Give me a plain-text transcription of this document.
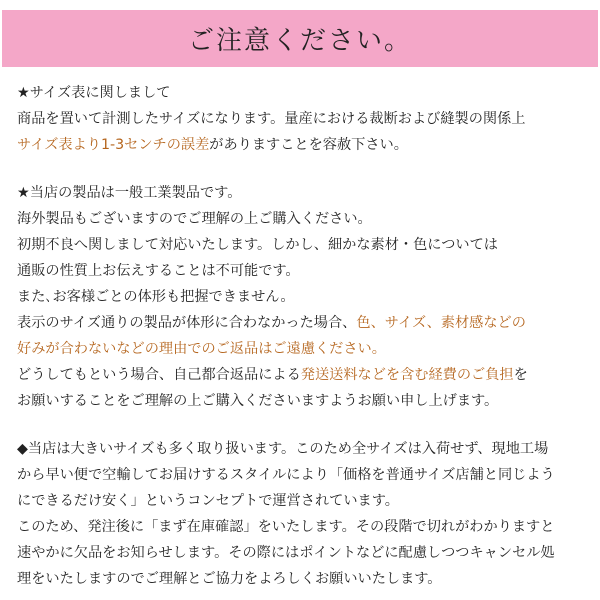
ご注意ください。
★サイズ表に関しまして
商品を置いて計測したサイズになります。量産における裁断および縫製の関係上
サイズ表より1-3センチの誤差がありますことを容赦下さい。
★当店の製品は一般工業製品です。
海外製品もございますのでご理解の上ご購入ください。
初期不良へ関しまして対応いたします。しかし、細かな素材・色については
通販の性質上お伝えすることは不可能です。
また､お客様ごとの体形も把握できません。
表示のサイズ通りの製品が体形に合わなかった場合、色、サイズ、素材感などの
好みが合わないなどの理由でのご返品はご遠慮ください。
どうしてもという場合、自己都合返品による発送送料などを含む経費のご負担を
お願いすることをご理解の上ご購入くださいますようお願い申し上げます。
◆当店は大きいサイズも多く取り扱います。このため全サイズは入荷せず、現地工場
から早い便で空輸してお届けするスタイルにより「価格を普通サイズ店舗と同じよう
にできるだけ安く」というコンセプトで運営されています。
このため、発注後に「まず在庫確認」をいたします。その段階で切れがわかりますと
速やかに欠品をお知らせします。その際にはポイントなどに配慮しつつキャンセル処
理をいたしますのでご理解とご協力をよろしくお願いいたします。
